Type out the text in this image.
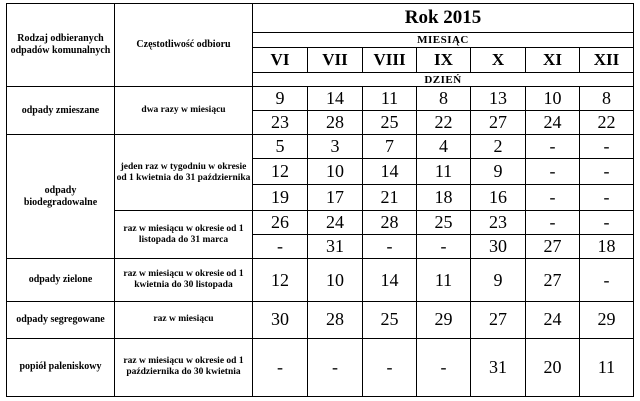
Rodzaj odbieranych odpadów komunalnych	Częstotliwość odbioru	Rok 2015						
		MIESIĄC						
		VI	VII	VIII	IX	X	XI	XII
		DZIEŃ						
odpady zmieszane	dwa razy w miesiącu	9	14	11	8	13	10	8
		23	28	25	22	27	24	22
odpady biodegradowalne	jeden raz w tygodniu w okresie od 1 kwietnia do 31 października	5	3	7	4	2	-	-
		12	10	14	11	9	-	-
		19	17	21	18	16	-	-
	raz w miesiącu w okresie od 1 listopada do 31 marca	26	24	28	25	23	-	-
		-	31	-	-	30	27	18
odpady zielone	raz w miesiącu w okresie od 1 kwietnia do 30 listopada	12	10	14	11	9	27	-
odpady segregowane	raz w miesiącu	30	28	25	29	27	24	29
popiół paleniskowy	raz w miesiącu w okresie od 1 października do 30 kwietnia	-	-	-	-	31	20	11
